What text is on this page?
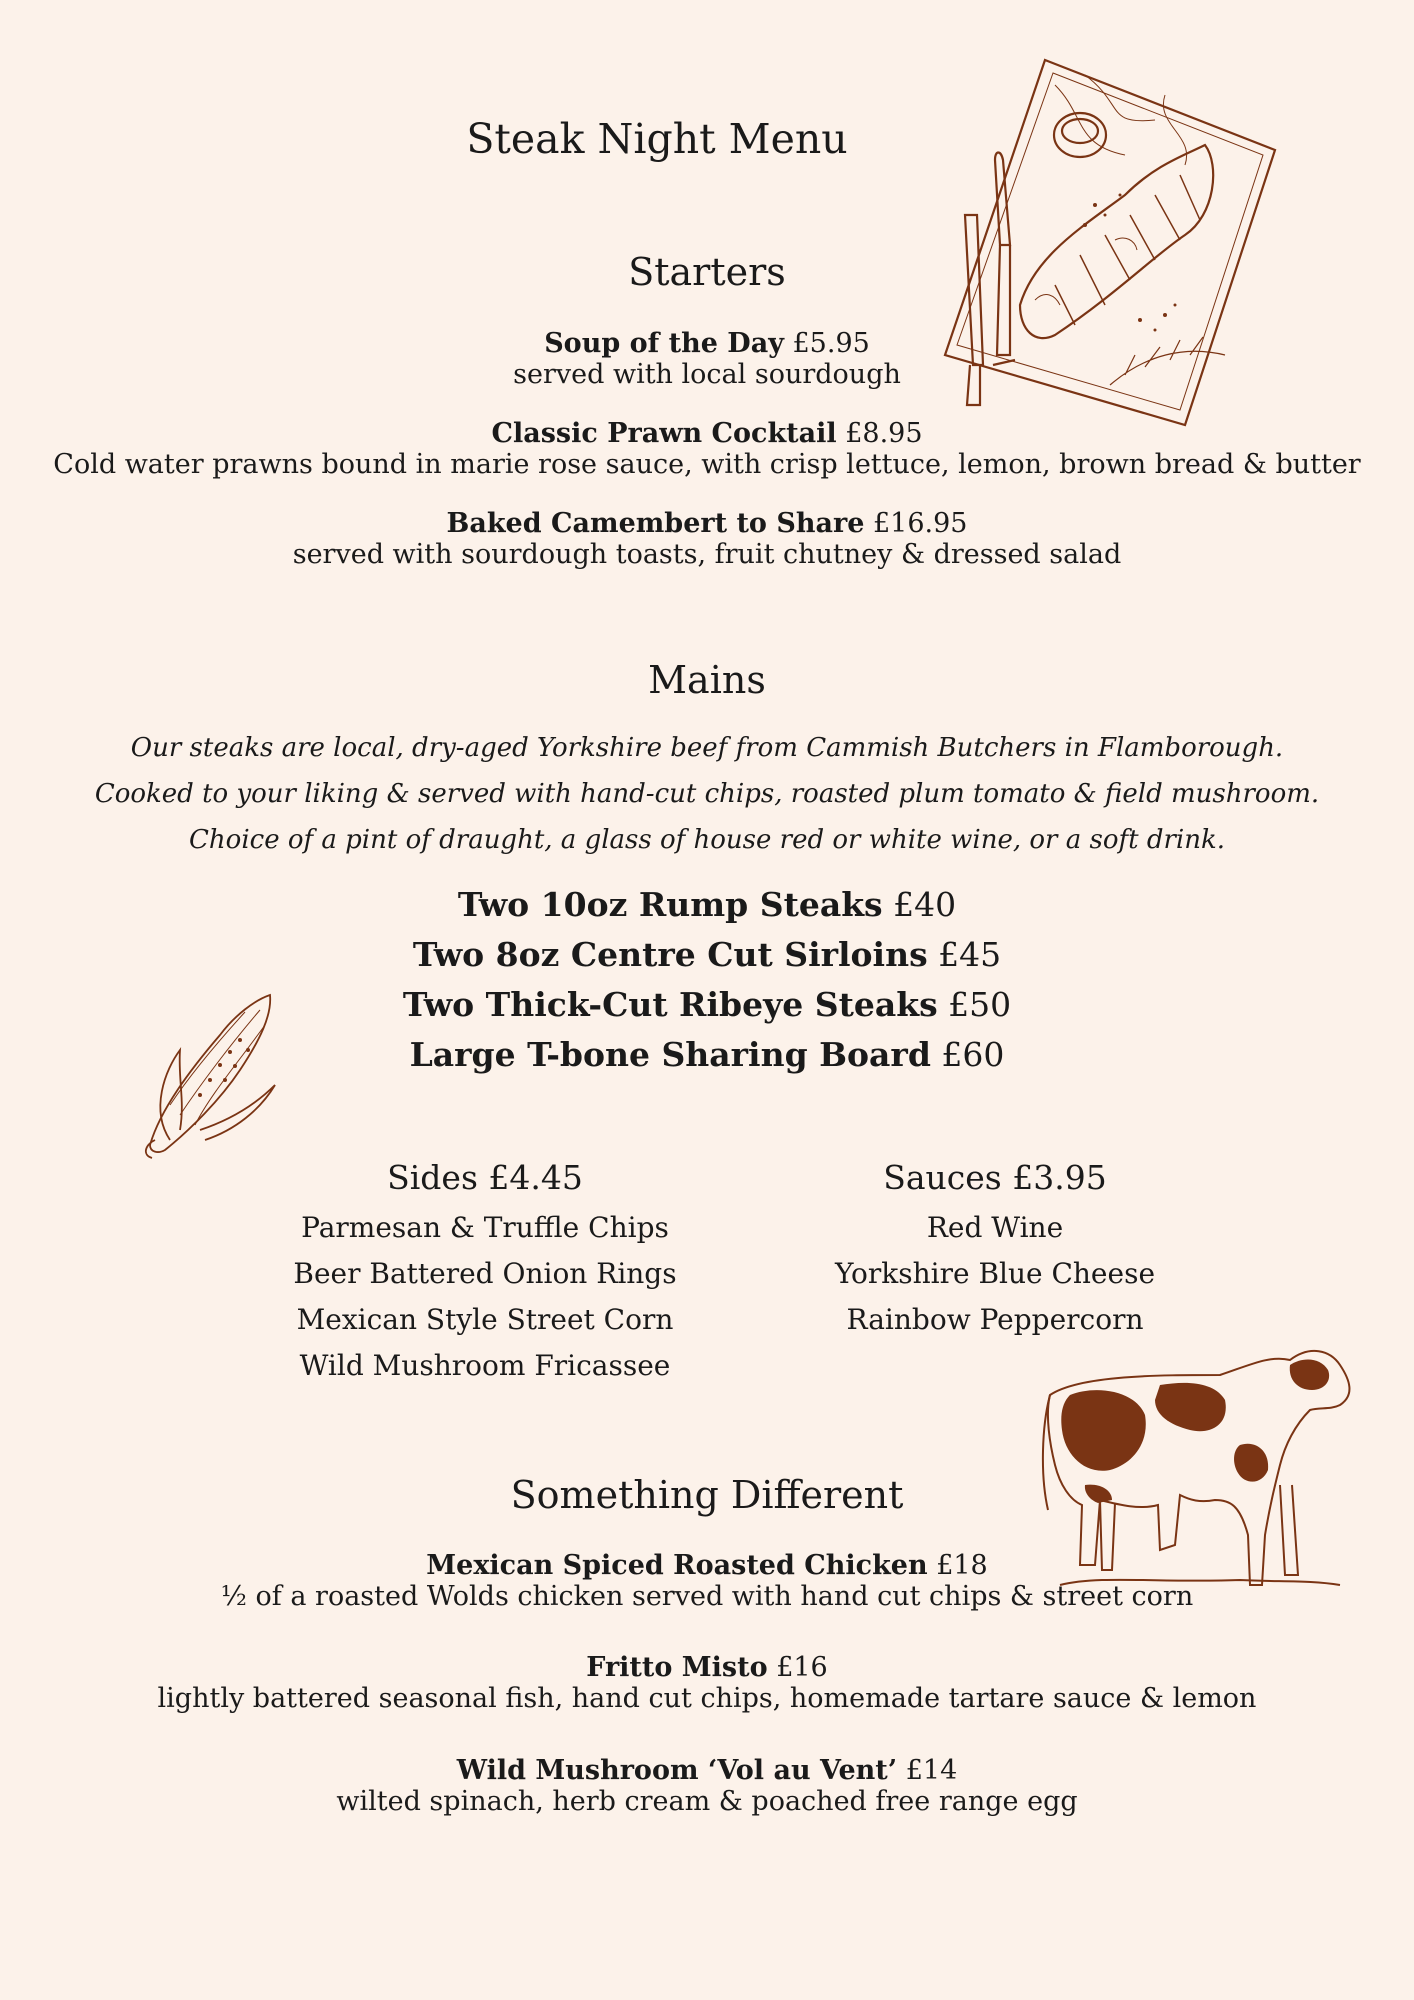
Steak Night Menu
Starters
Soup of the Day £5.95
served with local sourdough
Classic Prawn Cocktail £8.95
Cold water prawns bound in marie rose sauce, with crisp lettuce, lemon, brown bread & butter
Baked Camembert to Share £16.95
served with sourdough toasts, fruit chutney & dressed salad
Mains
Our steaks are local, dry-aged Yorkshire beef from Cammish Butchers in Flamborough.
Cooked to your liking & served with hand-cut chips, roasted plum tomato & field mushroom.
Choice of a pint of draught, a glass of house red or white wine, or a soft drink.
Two 10oz Rump Steaks £40
Two 8oz Centre Cut Sirloins £45
Two Thick-Cut Ribeye Steaks £50
Large T-bone Sharing Board £60
Sides £4.45
Parmesan & Truffle Chips
Beer Battered Onion Rings
Mexican Style Street Corn
Wild Mushroom Fricassee
Sauces £3.95
Red Wine
Yorkshire Blue Cheese
Rainbow Peppercorn
Something Different
Mexican Spiced Roasted Chicken £18
½ of a roasted Wolds chicken served with hand cut chips & street corn
Fritto Misto £16
lightly battered seasonal fish, hand cut chips, homemade tartare sauce & lemon
Wild Mushroom ‘Vol au Vent’ £14
wilted spinach, herb cream & poached free range egg
